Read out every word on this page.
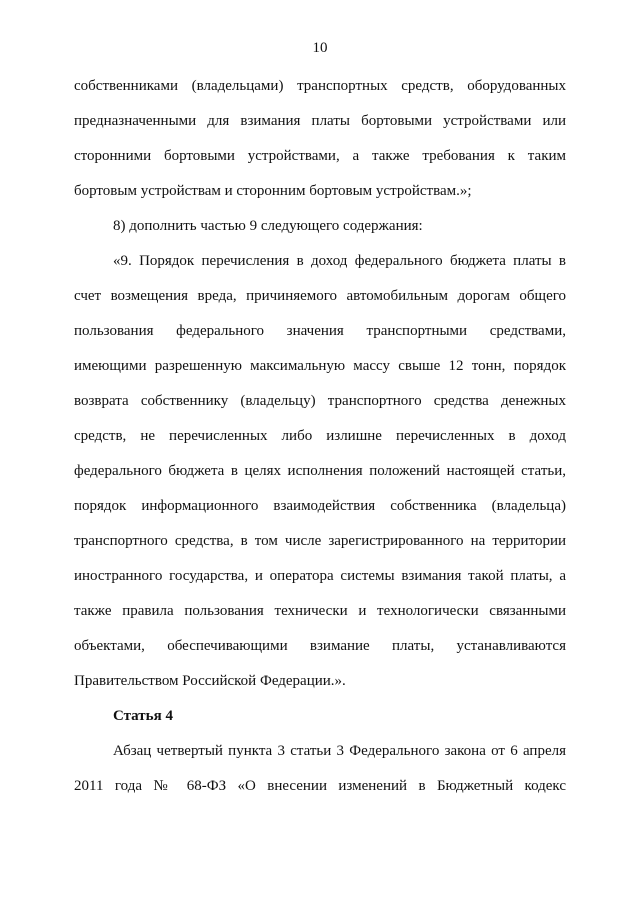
10
собственниками (владельцами) транспортных средств, оборудованных
предназначенными для взимания платы бортовыми устройствами или
сторонними бортовыми устройствами, а также требования к таким
бортовым устройствам и сторонним бортовым устройствам.»;
8) дополнить частью 9 следующего содержания:
«9. Порядок перечисления в доход федерального бюджета платы в
счет возмещения вреда, причиняемого автомобильным дорогам общего
пользования федерального значения транспортными средствами,
имеющими разрешенную максимальную массу свыше 12 тонн, порядок
возврата собственнику (владельцу) транспортного средства денежных
средств, не перечисленных либо излишне перечисленных в доход
федерального бюджета в целях исполнения положений настоящей статьи,
порядок информационного взаимодействия собственника (владельца)
транспортного средства, в том числе зарегистрированного на территории
иностранного государства, и оператора системы взимания такой платы, а
также правила пользования технически и технологически связанными
объектами, обеспечивающими взимание платы, устанавливаются
Правительством Российской Федерации.».
Статья 4
Абзац четвертый пункта 3 статьи 3 Федерального закона от 6 апреля
2011 года № 68-ФЗ «О внесении изменений в Бюджетный кодекс
